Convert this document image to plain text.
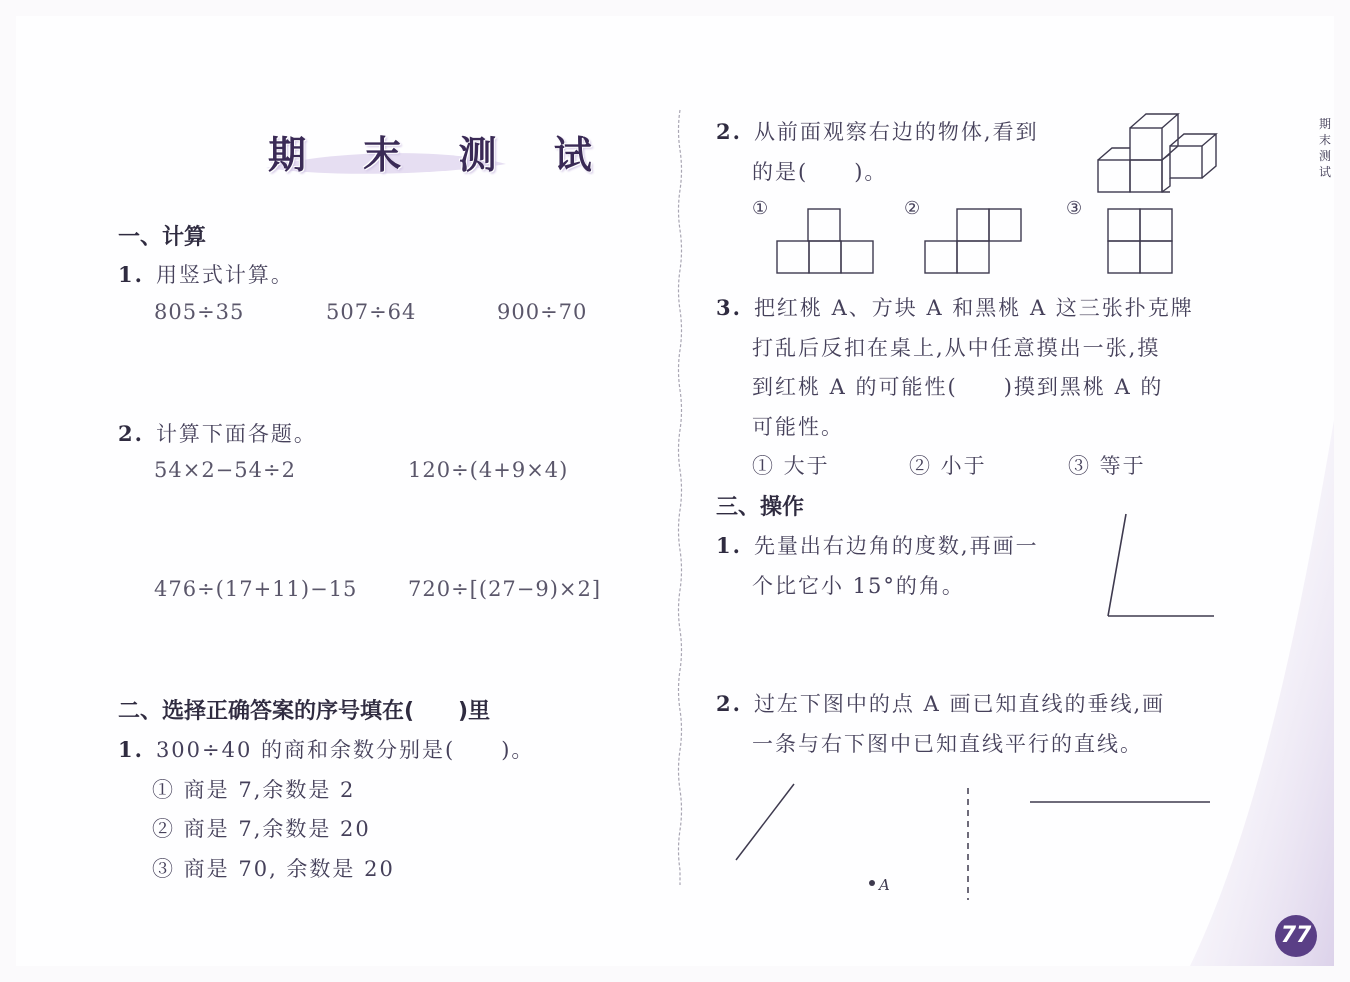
期 末 测 试
期末测试
77
一、计算
1. 用竖式计算。
805÷35	507÷64	900÷70
2. 计算下面各题。
54×2−54÷2	120÷(4+9×4)
476÷(17+11)−15 720÷[(27−9)×2]
二、选择正确答案的序号填在(　　)里
1. 300÷40 的商和余数分别是(　　)。
① 商是 7,余数是 2
② 商是 7,余数是 20
③ 商是 70, 余数是 20
2. 从前面观察右边的物体,看到
的是(　　)。
①	②	③
3. 把红桃 A、方块 A 和黑桃 A 这三张扑克牌
打乱后反扣在桌上,从中任意摸出一张,摸
到红桃 A 的可能性(　　)摸到黑桃 A 的
可能性。
① 大于	② 小于	③ 等于
三、操作
1. 先量出右边角的度数,再画一
个比它小 15°的角。
2. 过左下图中的点 A 画已知直线的垂线,画
一条与右下图中已知直线平行的直线。
A
